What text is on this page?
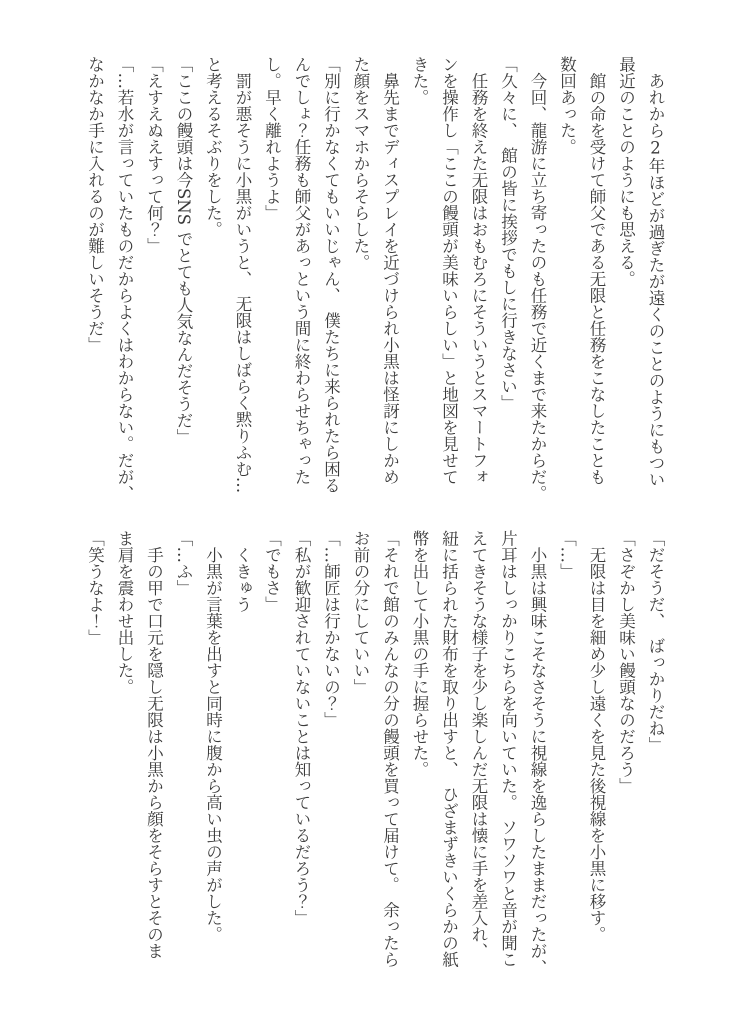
　あれから2年ほどが過ぎたが遠くのことのようにもつい

最近のことのようにも思える。

　館の命を受けて師父である无限と任務をこなしたことも

数回あった。

　今回、龍游に立ち寄ったのも任務で近くまで来たからだ。

「久々に、　館の皆に挨拶でもしに行きなさい」

　任務を終えた无限はおもむろにそういうとスマートフォ

ンを操作し「ここの饅頭が美味いらしい」と地図を見せて

きた。

　鼻先までディスプレイを近づけられ小黒は怪訝にしかめ

た顔をスマホからそらした。

「別に行かなくてもいいじゃん、　僕たちに来られたら困る

んでしょ？任務も師父があっという間に終わらせちゃった

し。早く離れようよ」

　罰が悪そうに小黒がいうと、　无限はしばらく黙りふむ…

と考えるそぶりをした。

「ここの饅頭は今SNS でとても人気なんだそうだ」

「えすえぬえすって何？」

「…若水が言っていたものだからよくはわからない。だが、

なかなか手に入れるのが難しいそうだ」

「だそうだ、　ばっかりだね」

「さぞかし美味い饅頭なのだろう」

　无限は目を細め少し遠くを見た後視線を小黒に移す。

「…」

　小黒は興味こそなさそうに視線を逸らしたままだったが、

片耳はしっかりこちらを向いていた。　ソワソワと音が聞こ

えてきそうな様子を少し楽しんだ无限は懐に手を差入れ、

紐に括られた財布を取り出すと、　ひざまずきいくらかの紙

幣を出して小黒の手に握らせた。

「それで館のみんなの分の饅頭を買って届けて。　余ったら

お前の分にしていい」

「…師匠は行かないの？」

「私が歓迎されていないことは知っているだろう？」

「でもさ」

　くきゅう

　小黒が言葉を出すと同時に腹から高い虫の声がした。

「…ふ」

　手の甲で口元を隠し无限は小黒から顔をそらすとそのま

ま肩を震わせ出した。

「笑うなよ！」
